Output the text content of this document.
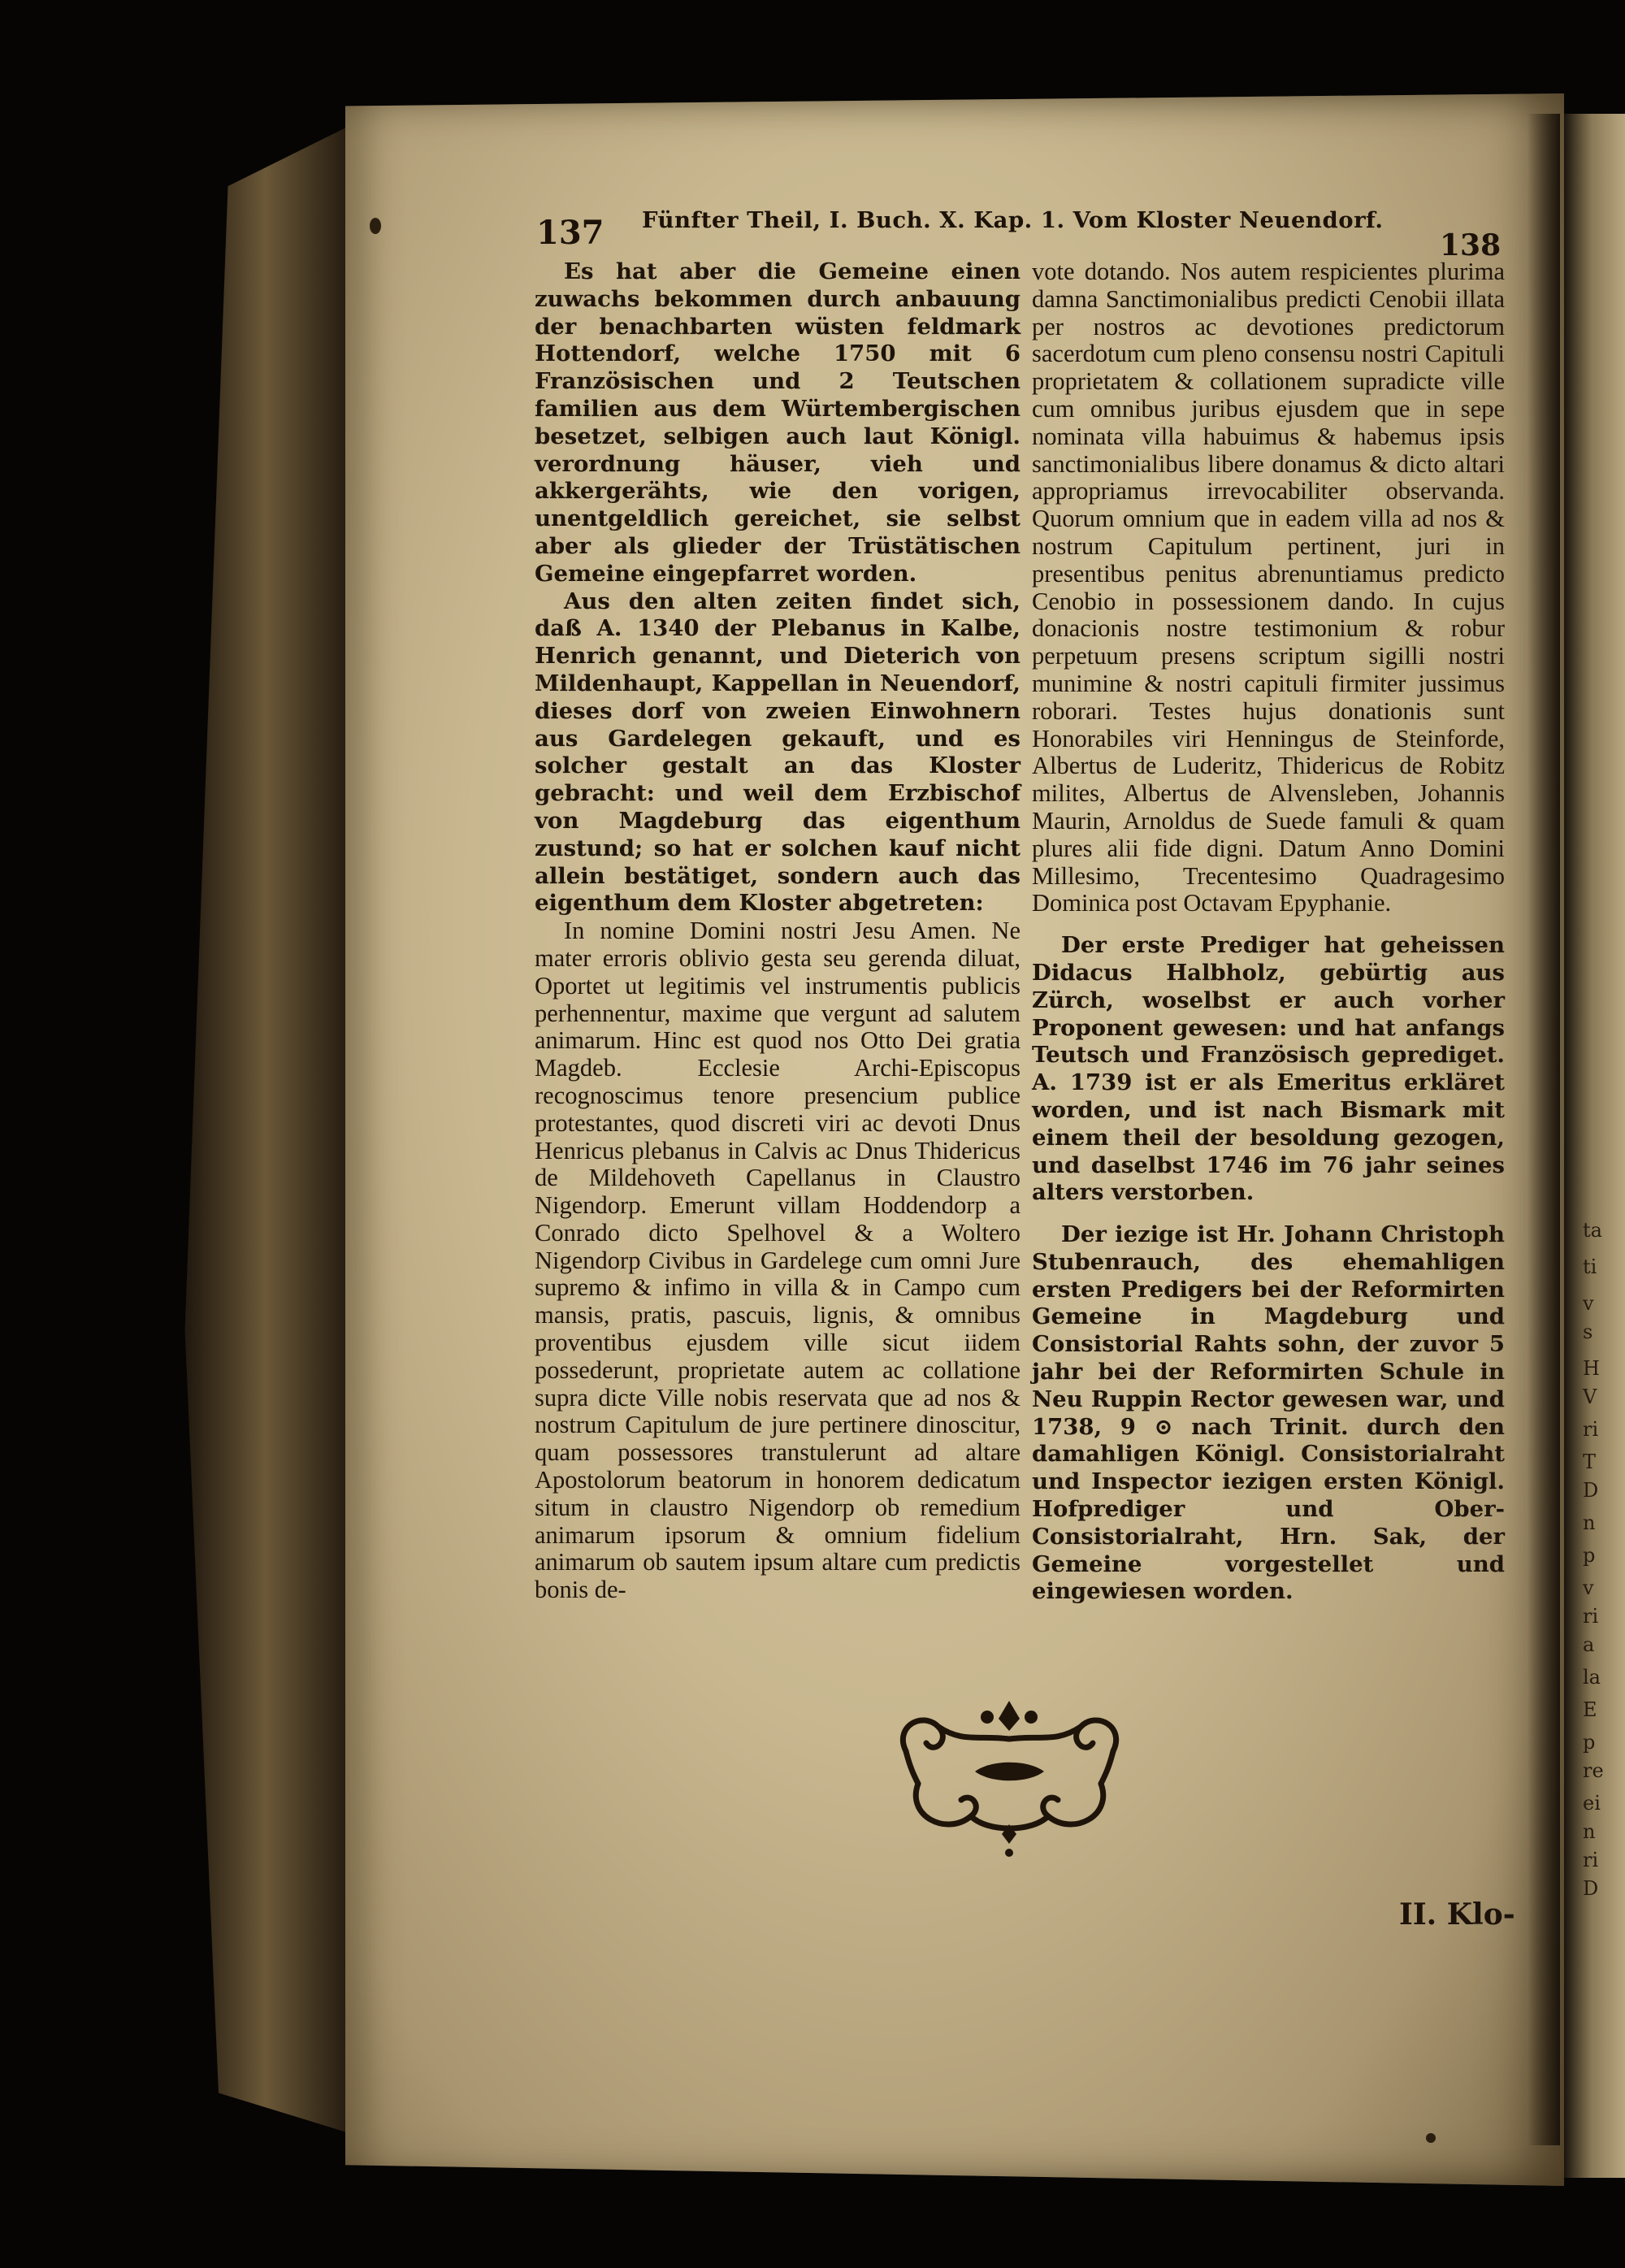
137 Fünfter Theil, I. Buch. X. Kap. 1. Vom Kloster Neuendorf.
138

Es hat aber die Gemeine einen zuwachs bekommen durch anbauung der benachbarten wüsten feldmark Hottendorf, welche 1750 mit 6 Französischen und 2 Teutschen familien aus dem Würtembergischen besetzet, selbigen auch laut Königl. verordnung häuser, vieh und akkergerähts, wie den vorigen, unentgeldlich gereichet, sie selbst aber als glieder der Trüstätischen Gemeine eingepfarret worden.

Aus den alten zeiten findet sich, daß A. 1340 der Plebanus in Kalbe, Henrich genannt, und Dieterich von Mildenhaupt, Kappellan in Neuendorf, dieses dorf von zweien Einwohnern aus Gardelegen gekauft, und es solcher gestalt an das Kloster gebracht: und weil dem Erzbischof von Magdeburg das eigenthum zustund; so hat er solchen kauf nicht allein bestätiget, sondern auch das eigenthum dem Kloster abgetreten:

In nomine Domini nostri Jesu Amen. Ne mater erroris oblivio gesta seu gerenda diluat, Oportet ut legitimis vel instrumentis publicis perhennentur, maxime que vergunt ad salutem animarum. Hinc est quod nos Otto Dei gratia Magdeb. Ecclesie Archi-Episcopus recognoscimus tenore presencium publice protestantes, quod discreti viri ac devoti Dnus Henricus plebanus in Calvis ac Dnus Thidericus de Mildehoveth Capellanus in Claustro Nigendorp. Emerunt villam Hoddendorp a Conrado dicto Spelhovel & a Woltero Nigendorp Civibus in Gardelege cum omni Jure supremo & infimo in villa & in Campo cum mansis, pratis, pascuis, lignis, & omnibus proventibus ejusdem ville sicut iidem possederunt, proprietate autem ac collatione supra dicte Ville nobis reservata que ad nos & nostrum Capitulum de jure pertinere dinoscitur, quam possessores transtulerunt ad altare Apostolorum beatorum in honorem dedicatum situm in claustro Nigendorp ob remedium animarum ipsorum & omnium fidelium animarum ob sautem ipsum altare cum predictis bonis de-

vote dotando. Nos autem respicientes plurima damna Sanctimonialibus predicti Cenobii illata per nostros ac devotiones predictorum sacerdotum cum pleno consensu nostri Capituli proprietatem & collationem supradicte ville cum omnibus juribus ejusdem que in sepe nominata villa habuimus & habemus ipsis sanctimonialibus libere donamus & dicto altari appropriamus irrevocabiliter observanda. Quorum omnium que in eadem villa ad nos & nostrum Capitulum pertinent, juri in presentibus penitus abrenuntiamus predicto Cenobio in possessionem dando. In cujus donacionis nostre testimonium & robur perpetuum presens scriptum sigilli nostri munimine & nostri capituli firmiter jussimus roborari. Testes hujus donationis sunt Honorabiles viri Henningus de Steinforde, Albertus de Luderitz, Thidericus de Robitz milites, Albertus de Alvensleben, Johannis Maurin, Arnoldus de Suede famuli & quam plures alii fide digni. Datum Anno Domini Millesimo, Trecentesimo Quadragesimo Dominica post Octavam Epyphanie.

Der erste Prediger hat geheissen Didacus Halbholz, gebürtig aus Zürch, woselbst er auch vorher Proponent gewesen: und hat anfangs Teutsch und Französisch geprediget. A. 1739 ist er als Emeritus erkläret worden, und ist nach Bismark mit einem theil der besoldung gezogen, und daselbst 1746 im 76 jahr seines alters verstorben.

Der iezige ist Hr. Johann Christoph Stubenrauch, des ehemahligen ersten Predigers bei der Reformirten Gemeine in Magdeburg und Consistorial Rahts sohn, der zuvor 5 jahr bei der Reformirten Schule in Neu Ruppin Rector gewesen war, und 1738, 9 ⊙ nach Trinit. durch den damahligen Königl. Consistorialraht und Inspector iezigen ersten Königl. Hofprediger und Ober-Consistorialraht, Hrn. Sak, der Gemeine vorgestellet und eingewiesen worden.

II. Klo-
ta
ti
v
s
H
V
ri
T
D
n
p
v
ri
a
la
E
p
re
ei
n
ri
D
